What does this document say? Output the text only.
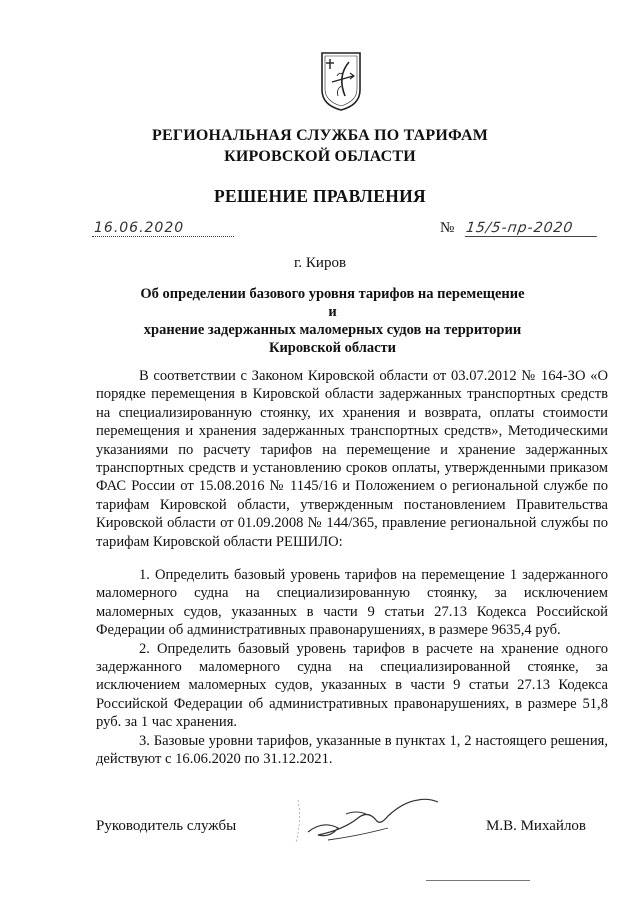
РЕГИОНАЛЬНАЯ СЛУЖБА ПО ТАРИФАМ
КИРОВСКОЙ ОБЛАСТИ
РЕШЕНИЕ ПРАВЛЕНИЯ
16.06.2020	№ 15/5-пр-2020
г. Киров
Об определении базового уровня тарифов на перемещение и
хранение задержанных маломерных судов на территории
Кировской области

В соответствии с Законом Кировской области от 03.07.2012 № 164-ЗО «О порядке перемещения в Кировской области задержанных транспортных средств на специализированную стоянку, их хранения и возврата, оплаты стоимости перемещения и хранения задержанных транспортных средств», Методическими указаниями по расчету тарифов на перемещение и хранение задержанных транспортных средств и установлению сроков оплаты, утвержденными приказом ФАС России от 15.08.2016 № 1145/16 и Положением о региональной службе по тарифам Кировской области, утвержденным постановлением Правительства Кировской области от 01.09.2008 № 144/365, правление региональной службы по тарифам Кировской области РЕШИЛО:

1. Определить базовый уровень тарифов на перемещение 1 задержанного маломерного судна на специализированную стоянку, за исключением маломерных судов, указанных в части 9 статьи 27.13 Кодекса Российской Федерации об административных правонарушениях, в размере 9635,4 руб.

2. Определить базовый уровень тарифов в расчете на хранение одного задержанного маломерного судна на специализированной стоянке, за исключением маломерных судов, указанных в части 9 статьи 27.13 Кодекса Российской Федерации об административных правонарушениях, в размере 51,8 руб. за 1 час хранения.

3. Базовые уровни тарифов, указанные в пунктах 1, 2 настоящего решения, действуют с 16.06.2020 по 31.12.2021.

Руководитель службы	М.В. Михайлов
